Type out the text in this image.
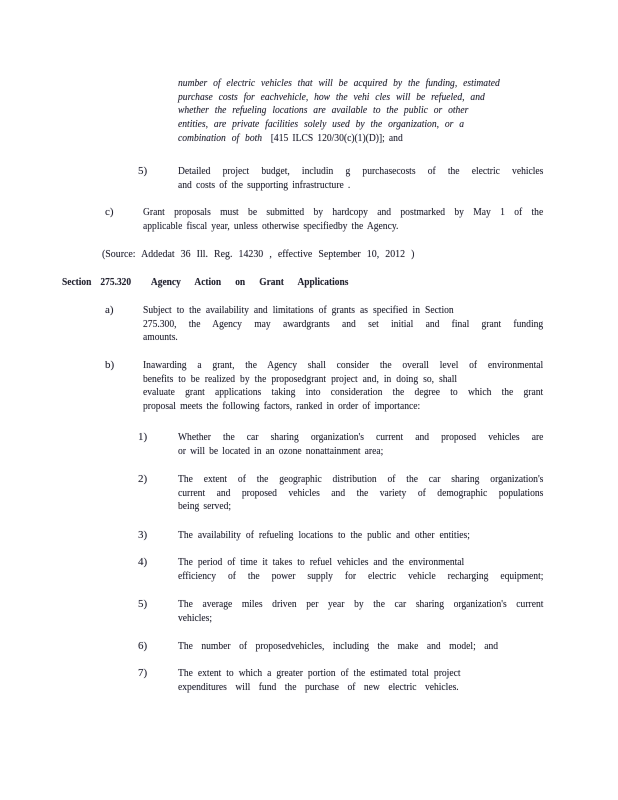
number of electric vehicles that will be acquired by the funding, estimated
purchase costs for eachvehicle, how the vehi cles will be refueled, and
whether the refueling locations are available to the public or other
entities, are private facilities solely used by the organization, or a
combination of both [415 ILCS 120/30(c)(1)(D)]; and
5)	Detailed project budget, includin g purchasecosts of the electric vehicles
and costs of the supporting infrastructure .
c)	Grant proposals must be submitted by hardcopy and postmarked by May 1 of the
applicable fiscal year, unless otherwise specifiedby the Agency.
(Source: Addedat 36 Ill. Reg. 14230 , effective September 10, 2012 )
Section 275.320 Agency Action on Grant Applications
a)	Subject to the availability and limitations of grants as specified in Section
275.300, the Agency may awardgrants and set initial and final grant funding
amounts.
b)	Inawarding a grant, the Agency shall consider the overall level of environmental
benefits to be realized by the proposedgrant project and, in doing so, shall
evaluate grant applications taking into consideration the degree to which the grant
proposal meets the following factors, ranked in order of importance:
1)	Whether the car sharing organization's current and proposed vehicles are
or will be located in an ozone nonattainment area;
2)	The extent of the geographic distribution of the car sharing organization's
current and proposed vehicles and the variety of demographic populations
being served;
3)	The availability of refueling locations to the public and other entities;
4)	The period of time it takes to refuel vehicles and the environmental
efficiency of the power supply for electric vehicle recharging equipment;
5)	The average miles driven per year by the car sharing organization's current
vehicles;
6)	The number of proposedvehicles, including the make and model; and
7)	The extent to which a greater portion of the estimated total project
expenditures will fund the purchase of new electric vehicles.
